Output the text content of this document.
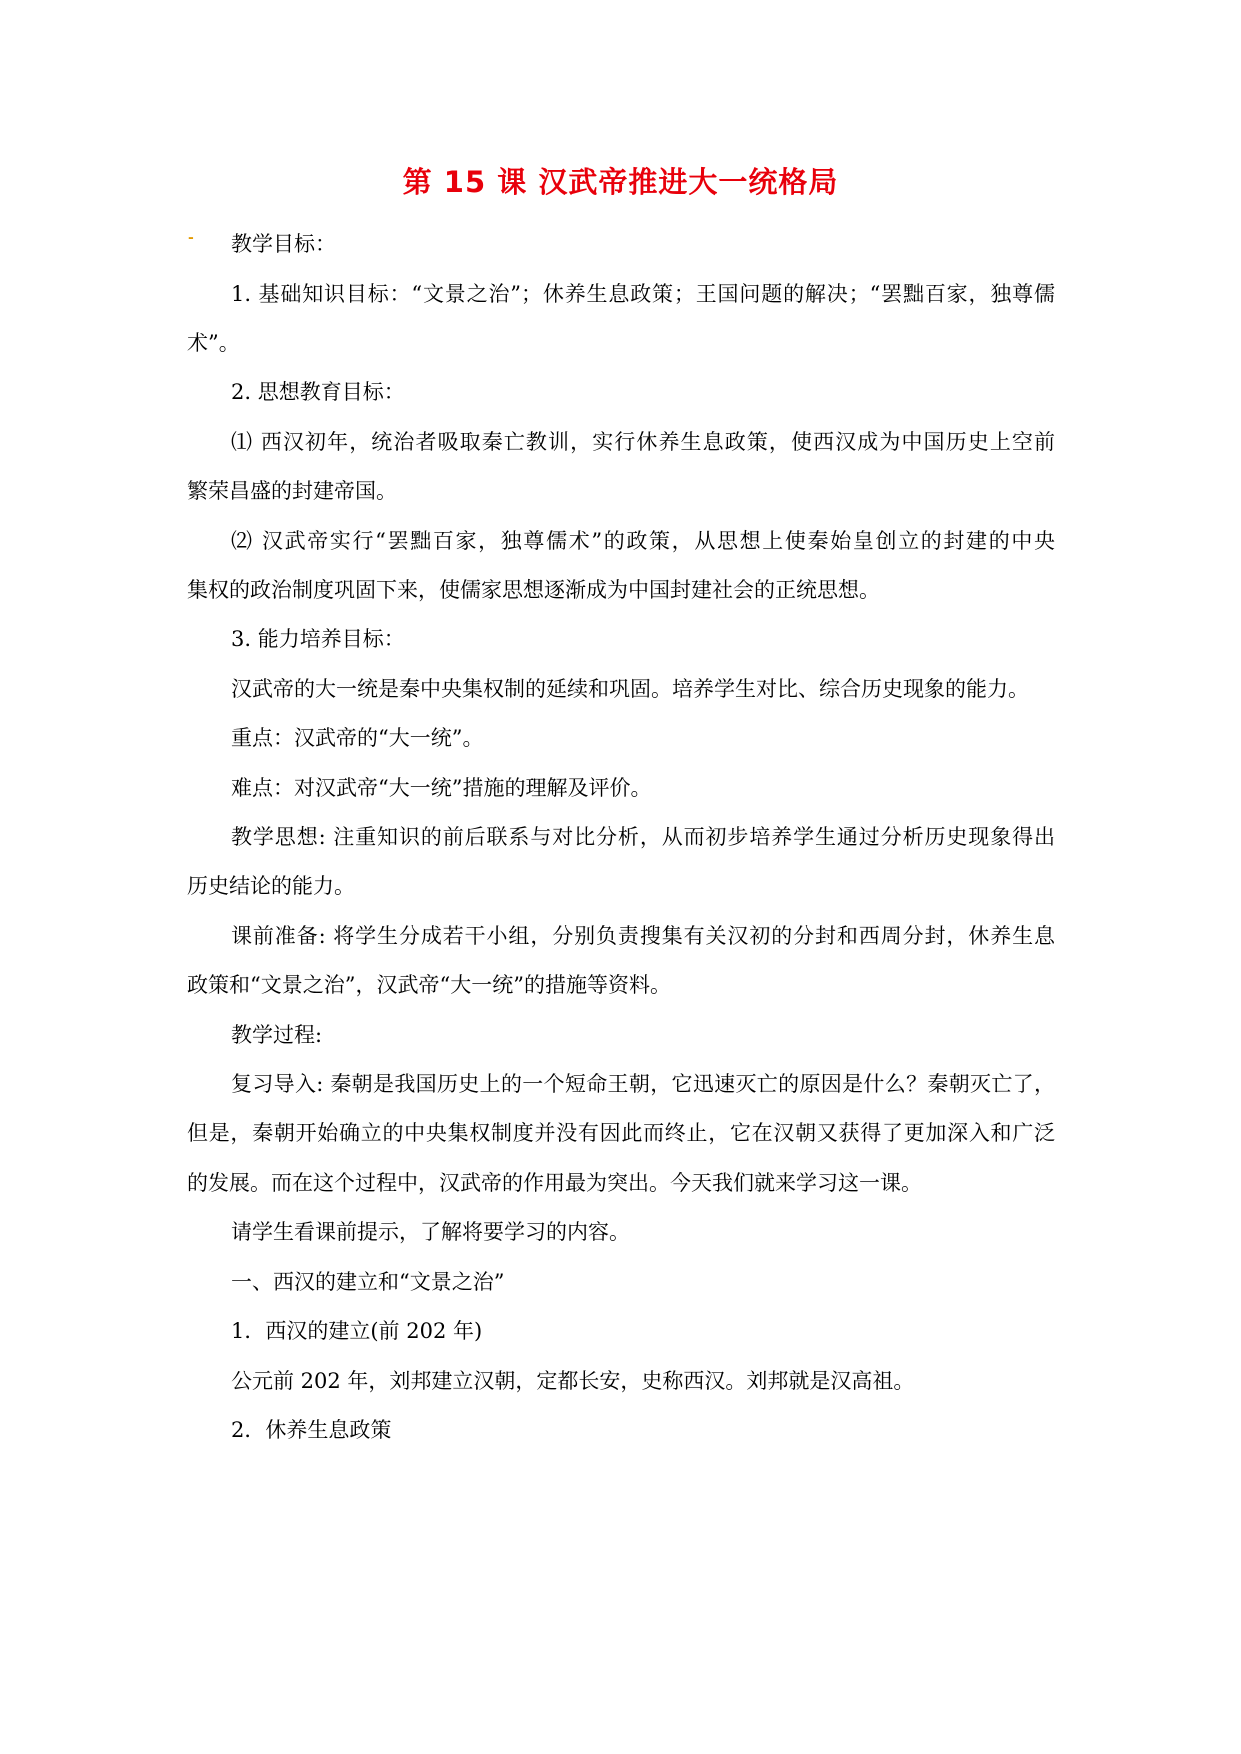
第 15 课 汉武帝推进大一统格局
- 教学目标：
1. 基础知识目标：“文景之治”；休养生息政策；王国问题的解决；“罢黜百家，独尊儒
术”。
2. 思想教育目标：
⑴ 西汉初年，统治者吸取秦亡教训，实行休养生息政策，使西汉成为中国历史上空前
繁荣昌盛的封建帝国。
⑵ 汉武帝实行“罢黜百家，独尊儒术”的政策，从思想上使秦始皇创立的封建的中央
集权的政治制度巩固下来，使儒家思想逐渐成为中国封建社会的正统思想。
3. 能力培养目标：
汉武帝的大一统是秦中央集权制的延续和巩固。培养学生对比、综合历史现象的能力。
重点：汉武帝的“大一统”。
难点：对汉武帝“大一统”措施的理解及评价。
教学思想: 注重知识的前后联系与对比分析，从而初步培养学生通过分析历史现象得出
历史结论的能力。
课前准备: 将学生分成若干小组，分别负责搜集有关汉初的分封和西周分封，休养生息
政策和“文景之治”，汉武帝“大一统”的措施等资料。
教学过程:
复习导入: 秦朝是我国历史上的一个短命王朝，它迅速灭亡的原因是什么？秦朝灭亡了，
但是，秦朝开始确立的中央集权制度并没有因此而终止，它在汉朝又获得了更加深入和广泛
的发展。而在这个过程中，汉武帝的作用最为突出。今天我们就来学习这一课。
请学生看课前提示，了解将要学习的内容。
一、西汉的建立和“文景之治”
1．西汉的建立(前 202 年)
公元前 202 年，刘邦建立汉朝，定都长安，史称西汉。刘邦就是汉高祖。
2．休养生息政策
